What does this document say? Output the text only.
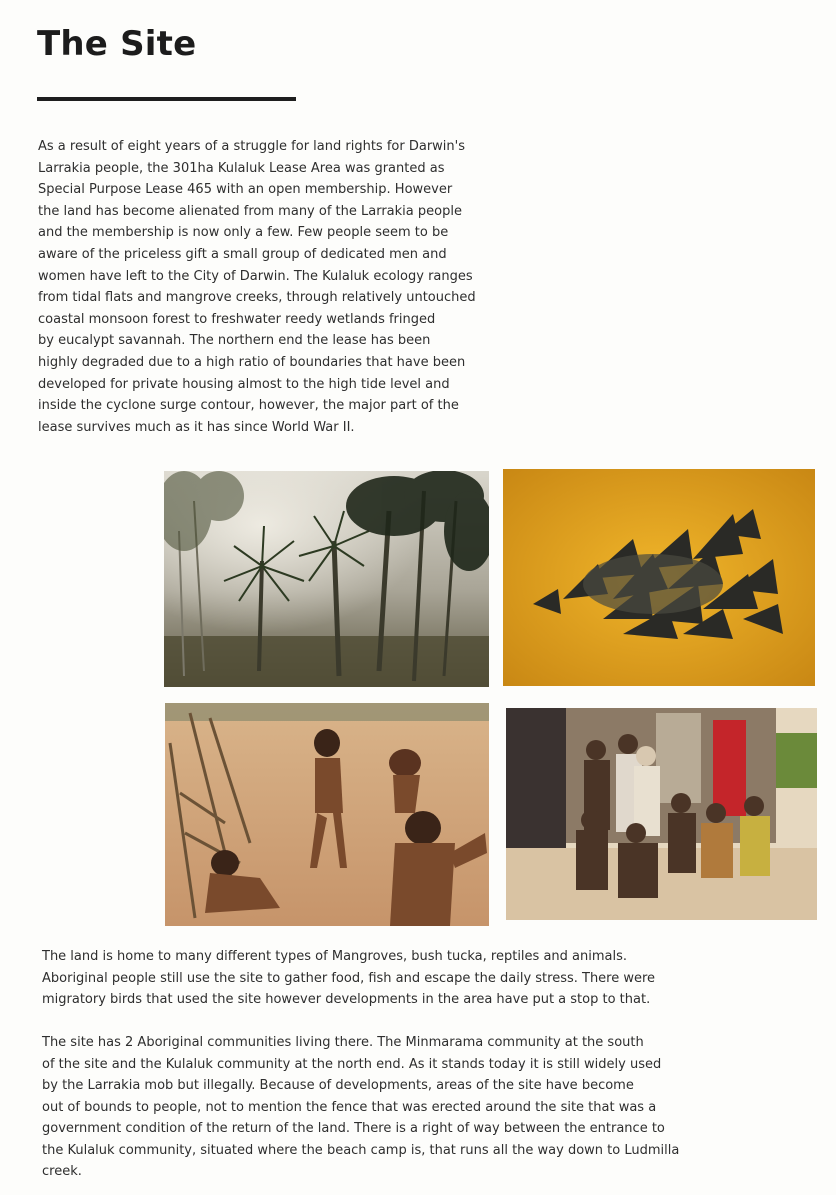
The Site

As a result of eight years of a struggle for land rights for Darwin's
Larrakia people, the 301ha Kulaluk Lease Area was granted as
Special Purpose Lease 465 with an open membership. However
the land has become alienated from many of the Larrakia people
and the membership is now only a few. Few people seem to be
aware of the priceless gift a small group of dedicated men and
women have left to the City of Darwin. The Kulaluk ecology ranges
from tidal flats and mangrove creeks, through relatively untouched
coastal monsoon forest to freshwater reedy wetlands fringed
by eucalypt savannah. The northern end the lease has been
highly degraded due to a high ratio of boundaries that have been
developed for private housing almost to the high tide level and
inside the cyclone surge contour, however, the major part of the
lease survives much as it has since World War II.

The land is home to many different types of Mangroves, bush tucka, reptiles and animals.
Aboriginal people still use the site to gather food, fish and escape the daily stress. There were
migratory birds that used the site however developments in the area have put a stop to that.

The site has 2 Aboriginal communities living there. The Minmarama community at the south
of the site and the Kulaluk community at the north end. As it stands today it is still widely used
by the Larrakia mob but illegally. Because of developments, areas of the site have become
out of bounds to people, not to mention the fence that was erected around the site that was a
government condition of the return of the land. There is a right of way between the entrance to
the Kulaluk community, situated where the beach camp is, that runs all the way down to Ludmilla
creek.
